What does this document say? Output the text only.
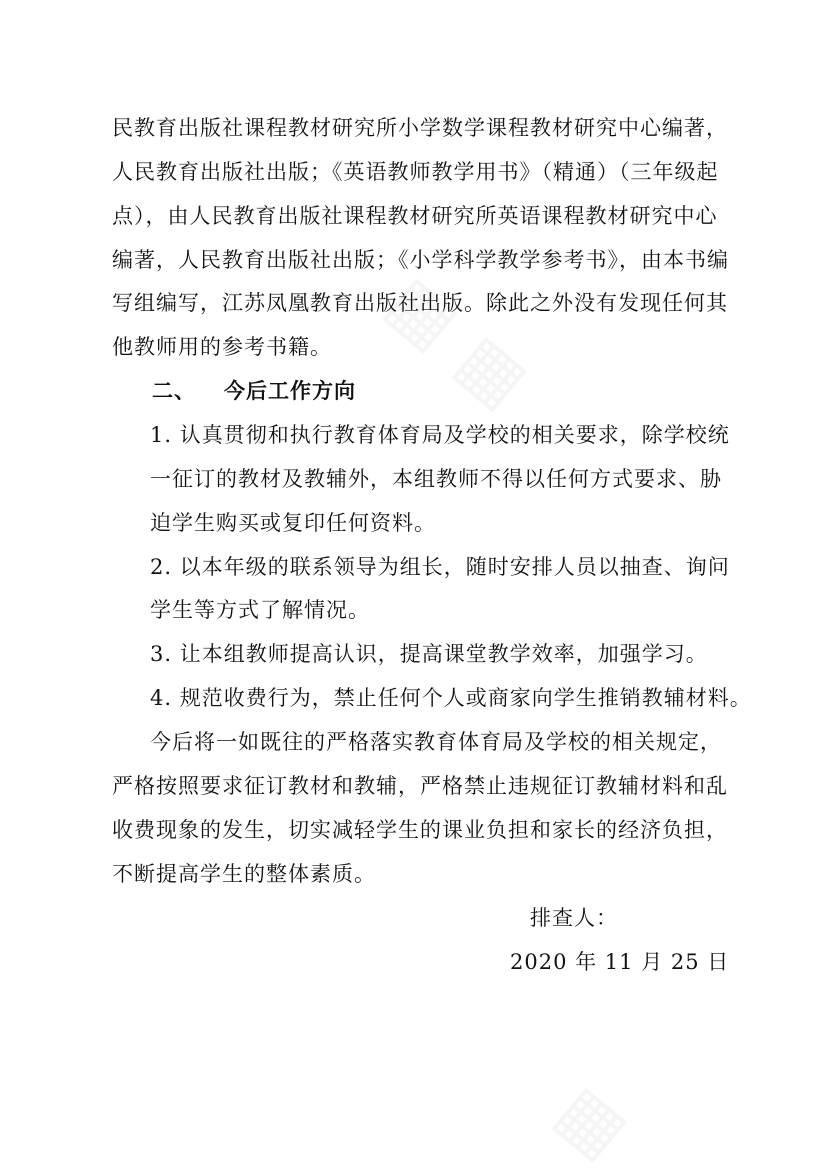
▦ ▦
▦
民教育出版社课程教材研究所小学数学课程教材研究中心编著，
人民教育出版社出版；《英语教师教学用书》（精通）（三年级起
点），由人民教育出版社课程教材研究所英语课程教材研究中心
编著，人民教育出版社出版；《小学科学教学参考书》，由本书编
写组编写，江苏凤凰教育出版社出版。除此之外没有发现任何其
他教师用的参考书籍。
二、 今后工作方向
1. 认真贯彻和执行教育体育局及学校的相关要求，除学校统
一征订的教材及教辅外，本组教师不得以任何方式要求、胁
迫学生购买或复印任何资料。
2. 以本年级的联系领导为组长，随时安排人员以抽查、询问
学生等方式了解情况。
3. 让本组教师提高认识，提高课堂教学效率，加强学习。
4. 规范收费行为，禁止任何个人或商家向学生推销教辅材料。
今后将一如既往的严格落实教育体育局及学校的相关规定，
严格按照要求征订教材和教辅，严格禁止违规征订教辅材料和乱
收费现象的发生，切实减轻学生的课业负担和家长的经济负担，
不断提高学生的整体素质。
排查人：
2020 年 11 月 25 日
